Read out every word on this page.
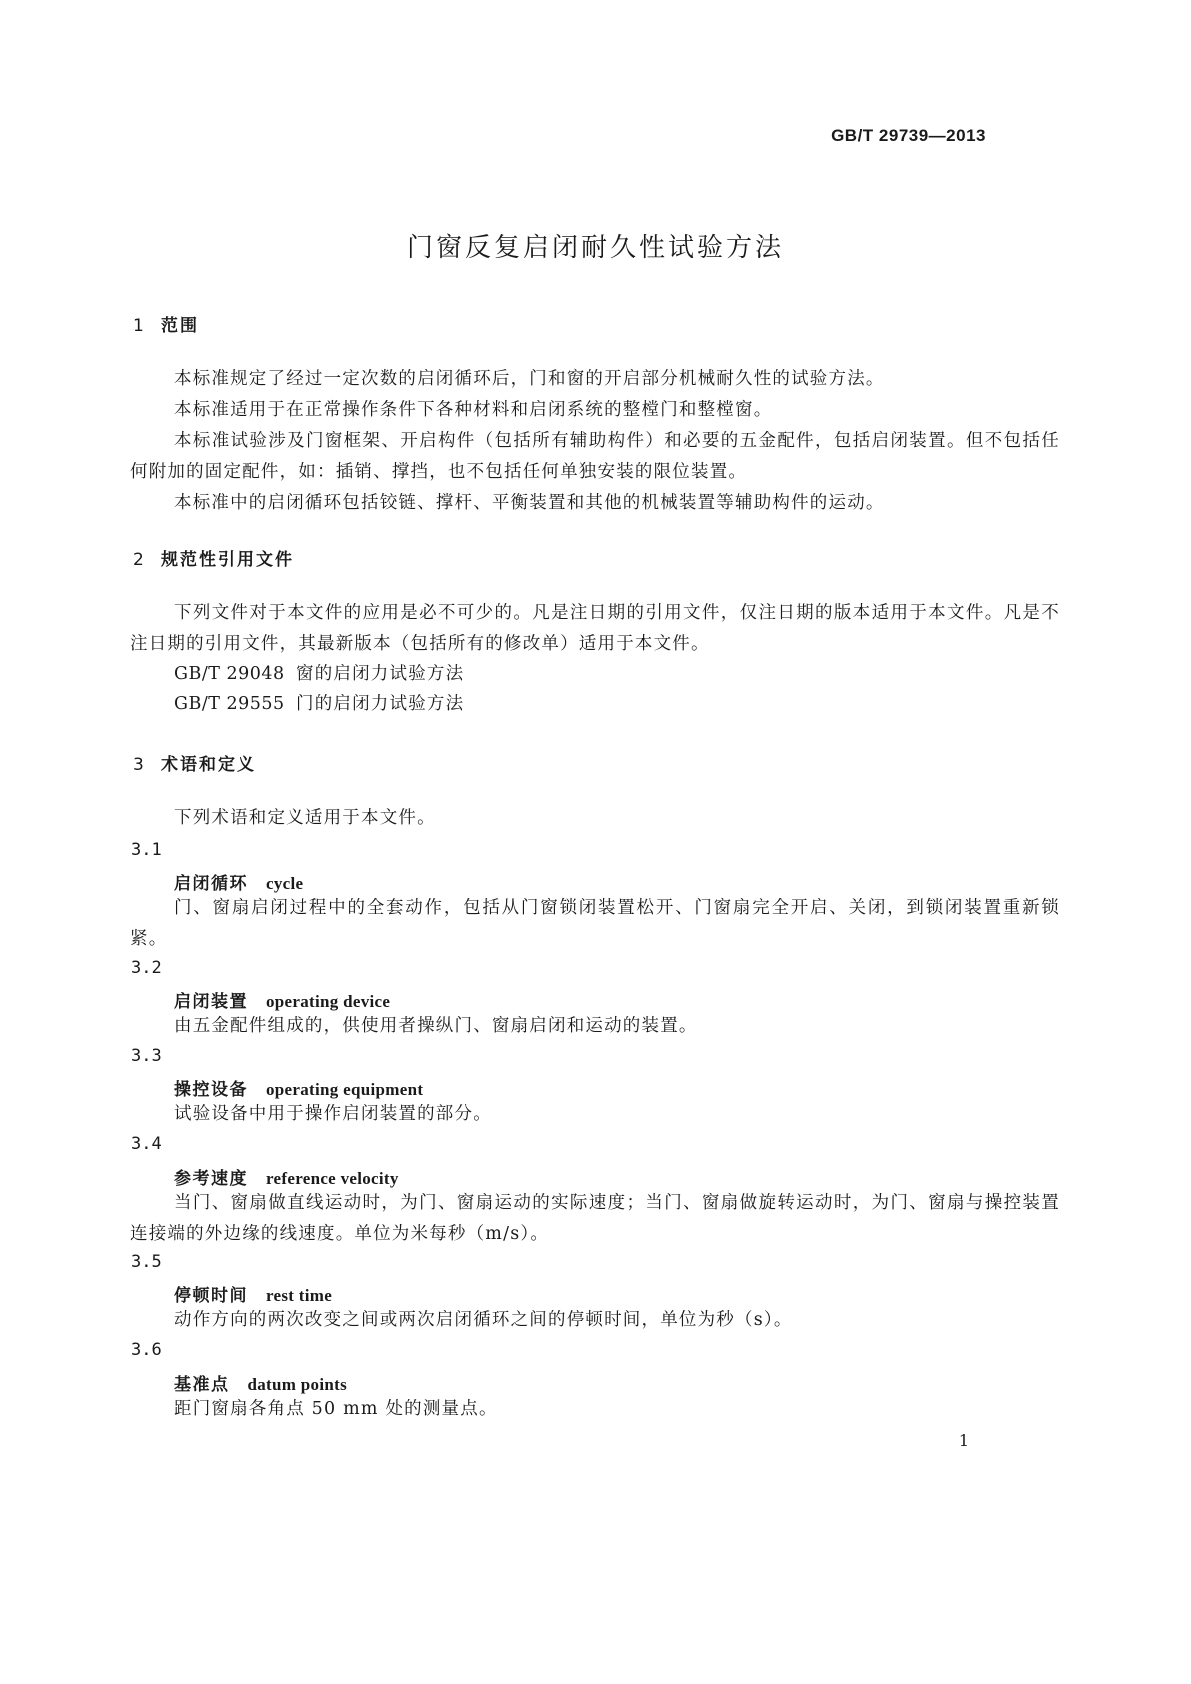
GB/T 29739—2013
门窗反复启闭耐久性试验方法
1 范围
本标准规定了经过一定次数的启闭循环后，门和窗的开启部分机械耐久性的试验方法。
本标准适用于在正常操作条件下各种材料和启闭系统的整樘门和整樘窗。
本标准试验涉及门窗框架、开启构件（包括所有辅助构件）和必要的五金配件，包括启闭装置。但不包括任何附加的固定配件，如：插销、撑挡，也不包括任何单独安装的限位装置。
本标准中的启闭循环包括铰链、撑杆、平衡装置和其他的机械装置等辅助构件的运动。
2 规范性引用文件
下列文件对于本文件的应用是必不可少的。凡是注日期的引用文件，仅注日期的版本适用于本文件。凡是不注日期的引用文件，其最新版本（包括所有的修改单）适用于本文件。
GB/T 29048 窗的启闭力试验方法
GB/T 29555 门的启闭力试验方法
3 术语和定义
下列术语和定义适用于本文件。
3.1
启闭循环 cycle
门、窗扇启闭过程中的全套动作，包括从门窗锁闭装置松开、门窗扇完全开启、关闭，到锁闭装置重新锁紧。
3.2
启闭装置 operating device
由五金配件组成的，供使用者操纵门、窗扇启闭和运动的装置。
3.3
操控设备 operating equipment
试验设备中用于操作启闭装置的部分。
3.4
参考速度 reference velocity
当门、窗扇做直线运动时，为门、窗扇运动的实际速度；当门、窗扇做旋转运动时，为门、窗扇与操控装置连接端的外边缘的线速度。单位为米每秒（m/s）。
3.5
停顿时间 rest time
动作方向的两次改变之间或两次启闭循环之间的停顿时间，单位为秒（s）。
3.6
基准点 datum points
距门窗扇各角点 50 mm 处的测量点。
1
